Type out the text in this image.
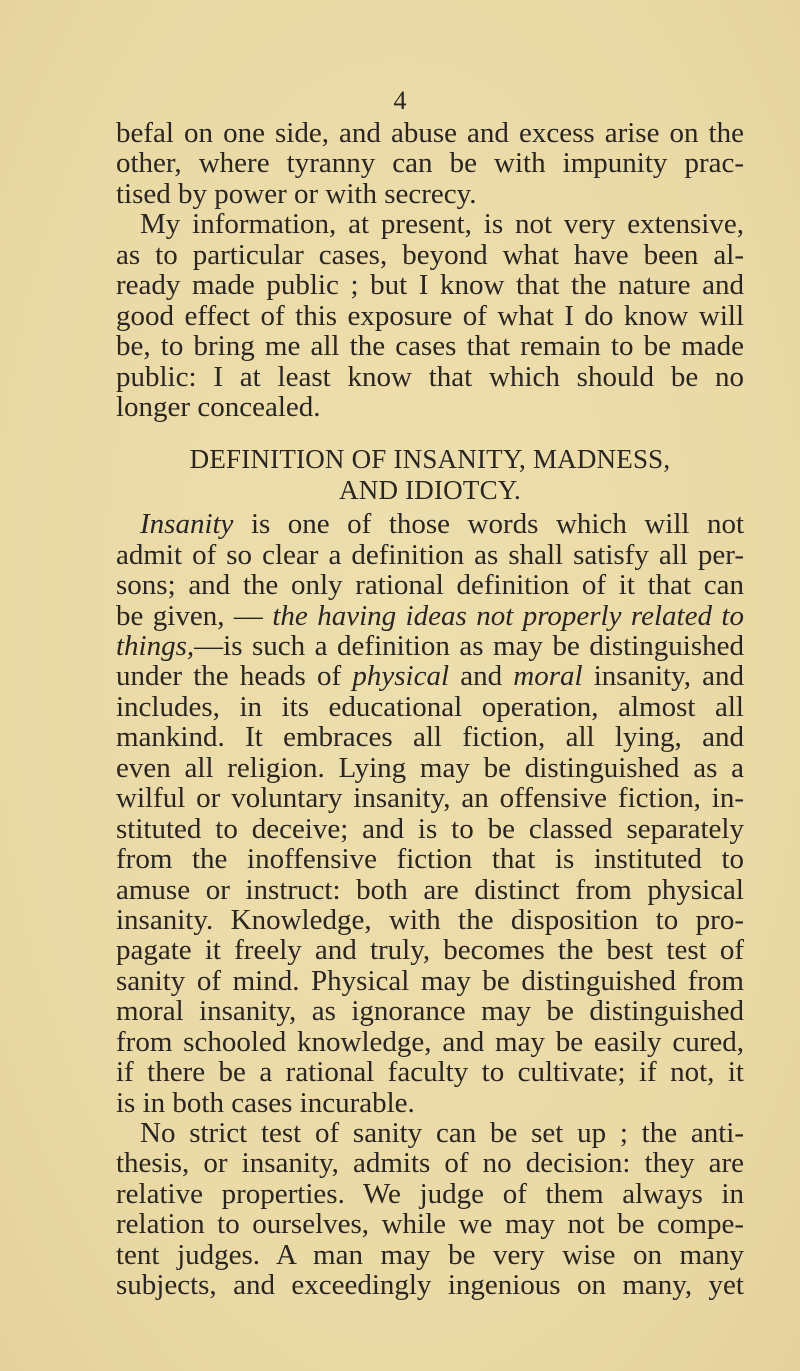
4
befal on one side, and abuse and excess arise on the
other, where tyranny can be with impunity prac-
tised by power or with secrecy.
My information, at present, is not very extensive,
as to particular cases, beyond what have been al-
ready made public ; but I know that the nature and
good effect of this exposure of what I do know will
be, to bring me all the cases that remain to be made
public: I at least know that which should be no
longer concealed.
DEFINITION OF INSANITY, MADNESS,
AND IDIOTCY.
Insanity is one of those words which will not
admit of so clear a definition as shall satisfy all per-
sons; and the only rational definition of it that can
be given, — the having ideas not properly related to
things,—is such a definition as may be distinguished
under the heads of physical and moral insanity, and
includes, in its educational operation, almost all
mankind. It embraces all fiction, all lying, and
even all religion. Lying may be distinguished as a
wilful or voluntary insanity, an offensive fiction, in-
stituted to deceive; and is to be classed separately
from the inoffensive fiction that is instituted to
amuse or instruct: both are distinct from physical
insanity. Knowledge, with the disposition to pro-
pagate it freely and truly, becomes the best test of
sanity of mind. Physical may be distinguished from
moral insanity, as ignorance may be distinguished
from schooled knowledge, and may be easily cured,
if there be a rational faculty to cultivate; if not, it
is in both cases incurable.
No strict test of sanity can be set up ; the anti-
thesis, or insanity, admits of no decision: they are
relative properties. We judge of them always in
relation to ourselves, while we may not be compe-
tent judges. A man may be very wise on many
subjects, and exceedingly ingenious on many, yet
